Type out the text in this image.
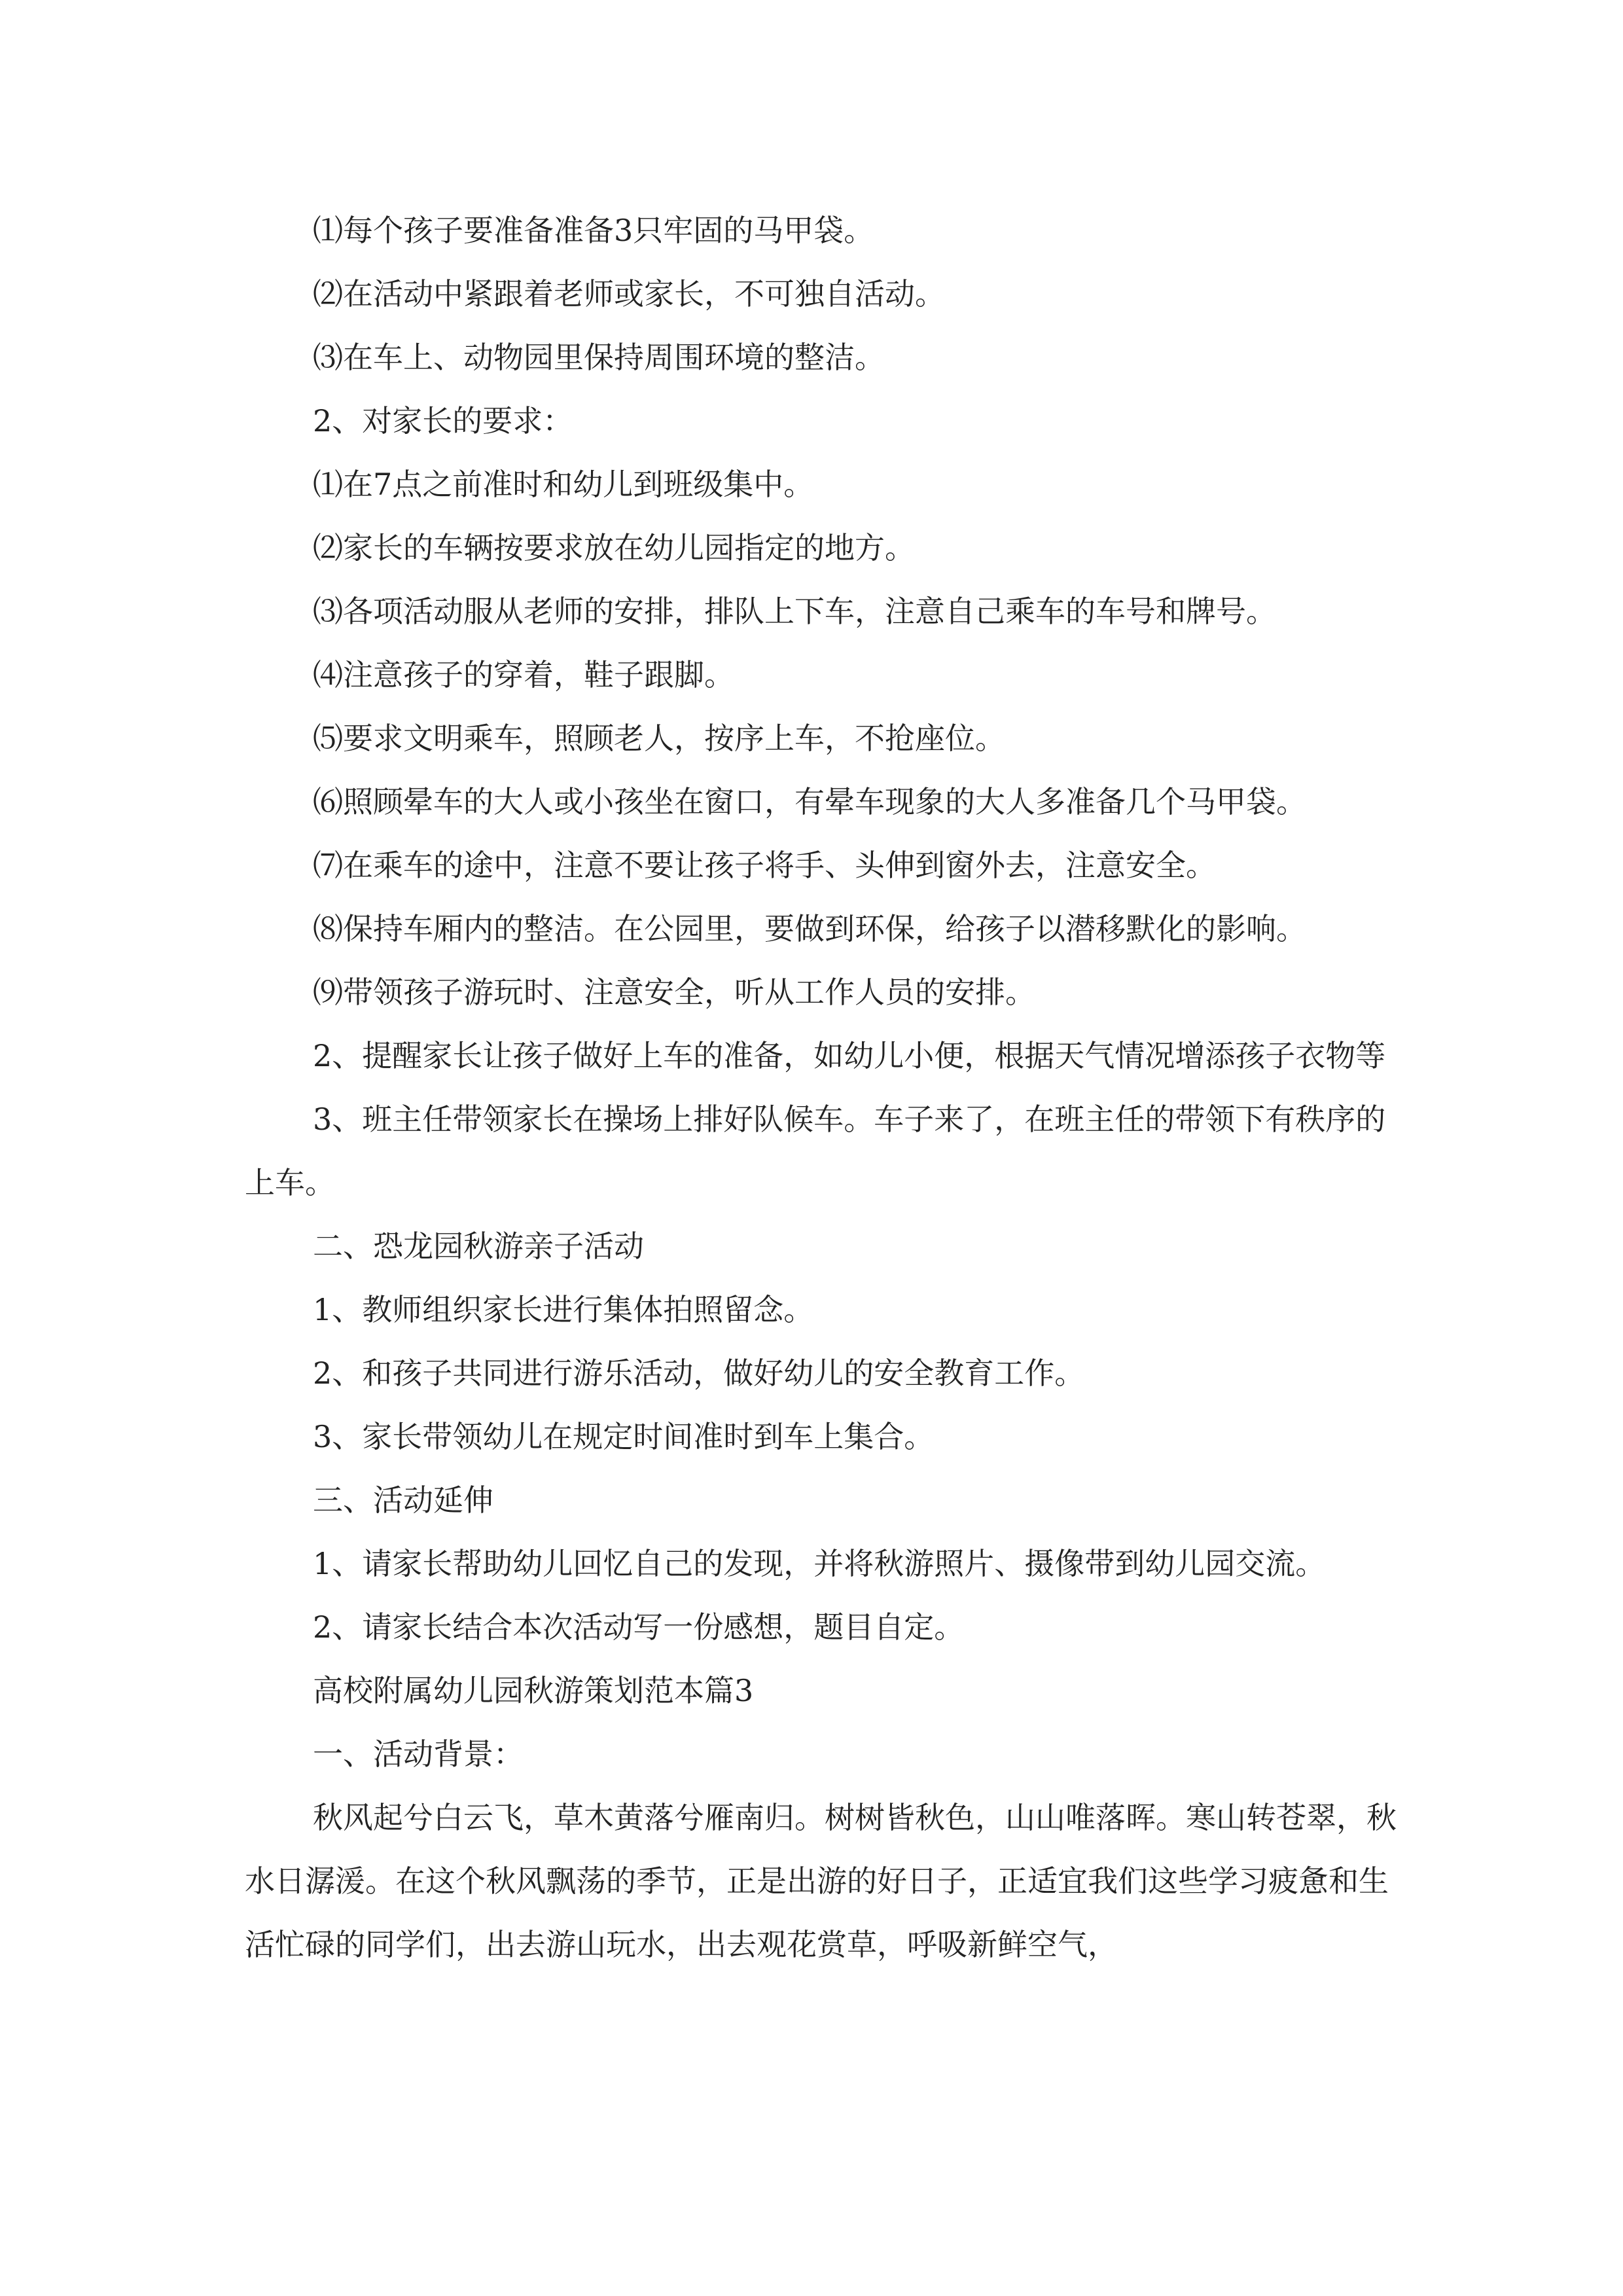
⑴每个孩子要准备准备3只牢固的马甲袋。

⑵在活动中紧跟着老师或家长，不可独自活动。

⑶在车上、动物园里保持周围环境的整洁。

2、对家长的要求：

⑴在7点之前准时和幼儿到班级集中。

⑵家长的车辆按要求放在幼儿园指定的地方。

⑶各项活动服从老师的安排，排队上下车，注意自己乘车的车号和牌号。

⑷注意孩子的穿着，鞋子跟脚。

⑸要求文明乘车，照顾老人，按序上车，不抢座位。

⑹照顾晕车的大人或小孩坐在窗口，有晕车现象的大人多准备几个马甲袋。

⑺在乘车的途中，注意不要让孩子将手、头伸到窗外去，注意安全。

⑻保持车厢内的整洁。在公园里，要做到环保，给孩子以潜移默化的影响。

⑼带领孩子游玩时、注意安全，听从工作人员的安排。

2、提醒家长让孩子做好上车的准备，如幼儿小便，根据天气情况增添孩子衣物等

3、班主任带领家长在操场上排好队候车。车子来了，在班主任的带领下有秩序的上车。

二、恐龙园秋游亲子活动

1、教师组织家长进行集体拍照留念。

2、和孩子共同进行游乐活动，做好幼儿的安全教育工作。

3、家长带领幼儿在规定时间准时到车上集合。

三、活动延伸

1、请家长帮助幼儿回忆自己的发现，并将秋游照片、摄像带到幼儿园交流。

2、请家长结合本次活动写一份感想，题目自定。

高校附属幼儿园秋游策划范本篇3

一、活动背景：

秋风起兮白云飞，草木黄落兮雁南归。树树皆秋色，山山唯落晖。寒山转苍翠，秋水日潺湲。在这个秋风飘荡的季节，正是出游的好日子，正适宜我们这些学习疲惫和生活忙碌的同学们，出去游山玩水，出去观花赏草，呼吸新鲜空气，
